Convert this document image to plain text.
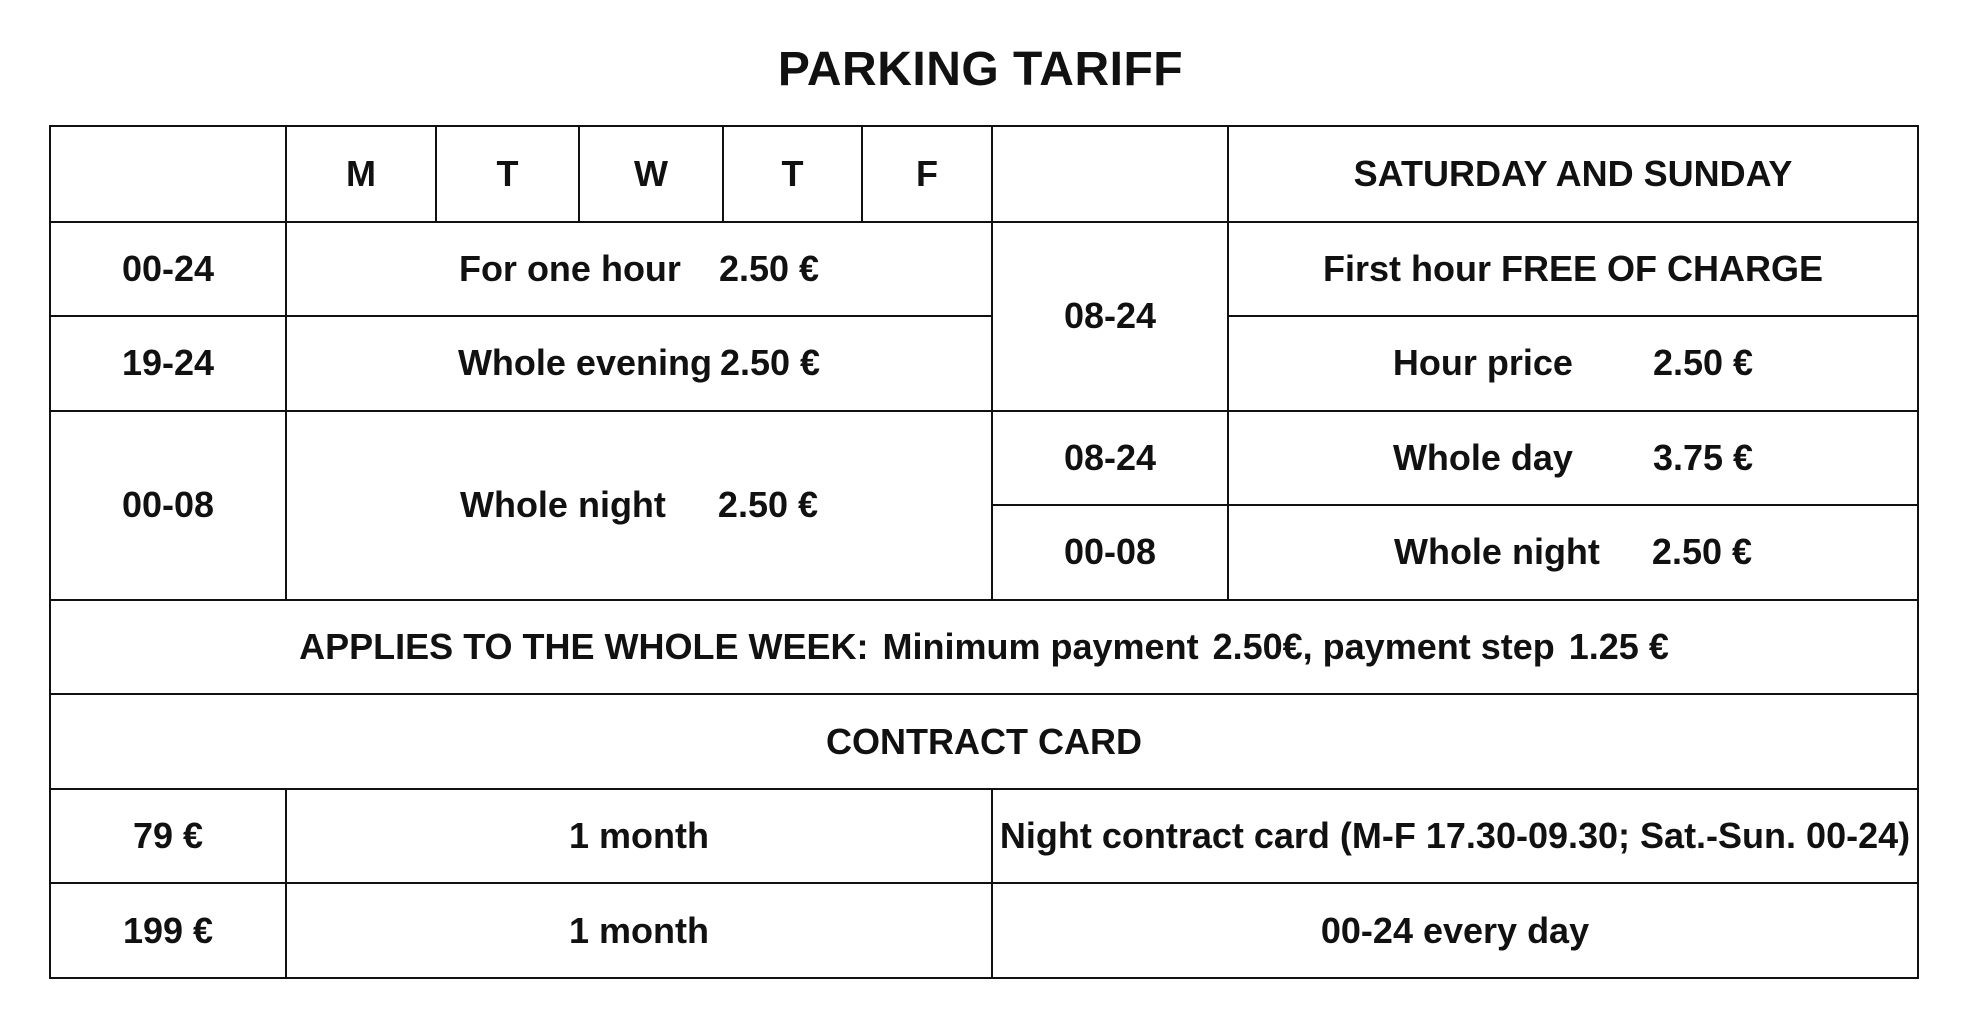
PARKING TARIFF
	M	T	W	T	F		SATURDAY AND SUNDAY
00-24	For one hour 2.50 €					08-24	First hour FREE OF CHARGE
19-24	Whole evening 2.50 €						Hour price 2.50 €
00-08	Whole night 2.50 €					08-24	Whole day 3.75 €
						00-08	Whole night 2.50 €
APPLIES TO THE WHOLE WEEK: Minimum payment 2.50€, payment step 1.25 €							
CONTRACT CARD							
79 €	1 month					Night contract card (M-F 17.30-09.30; Sat.-Sun. 00-24)	
199 €	1 month					00-24 every day	
